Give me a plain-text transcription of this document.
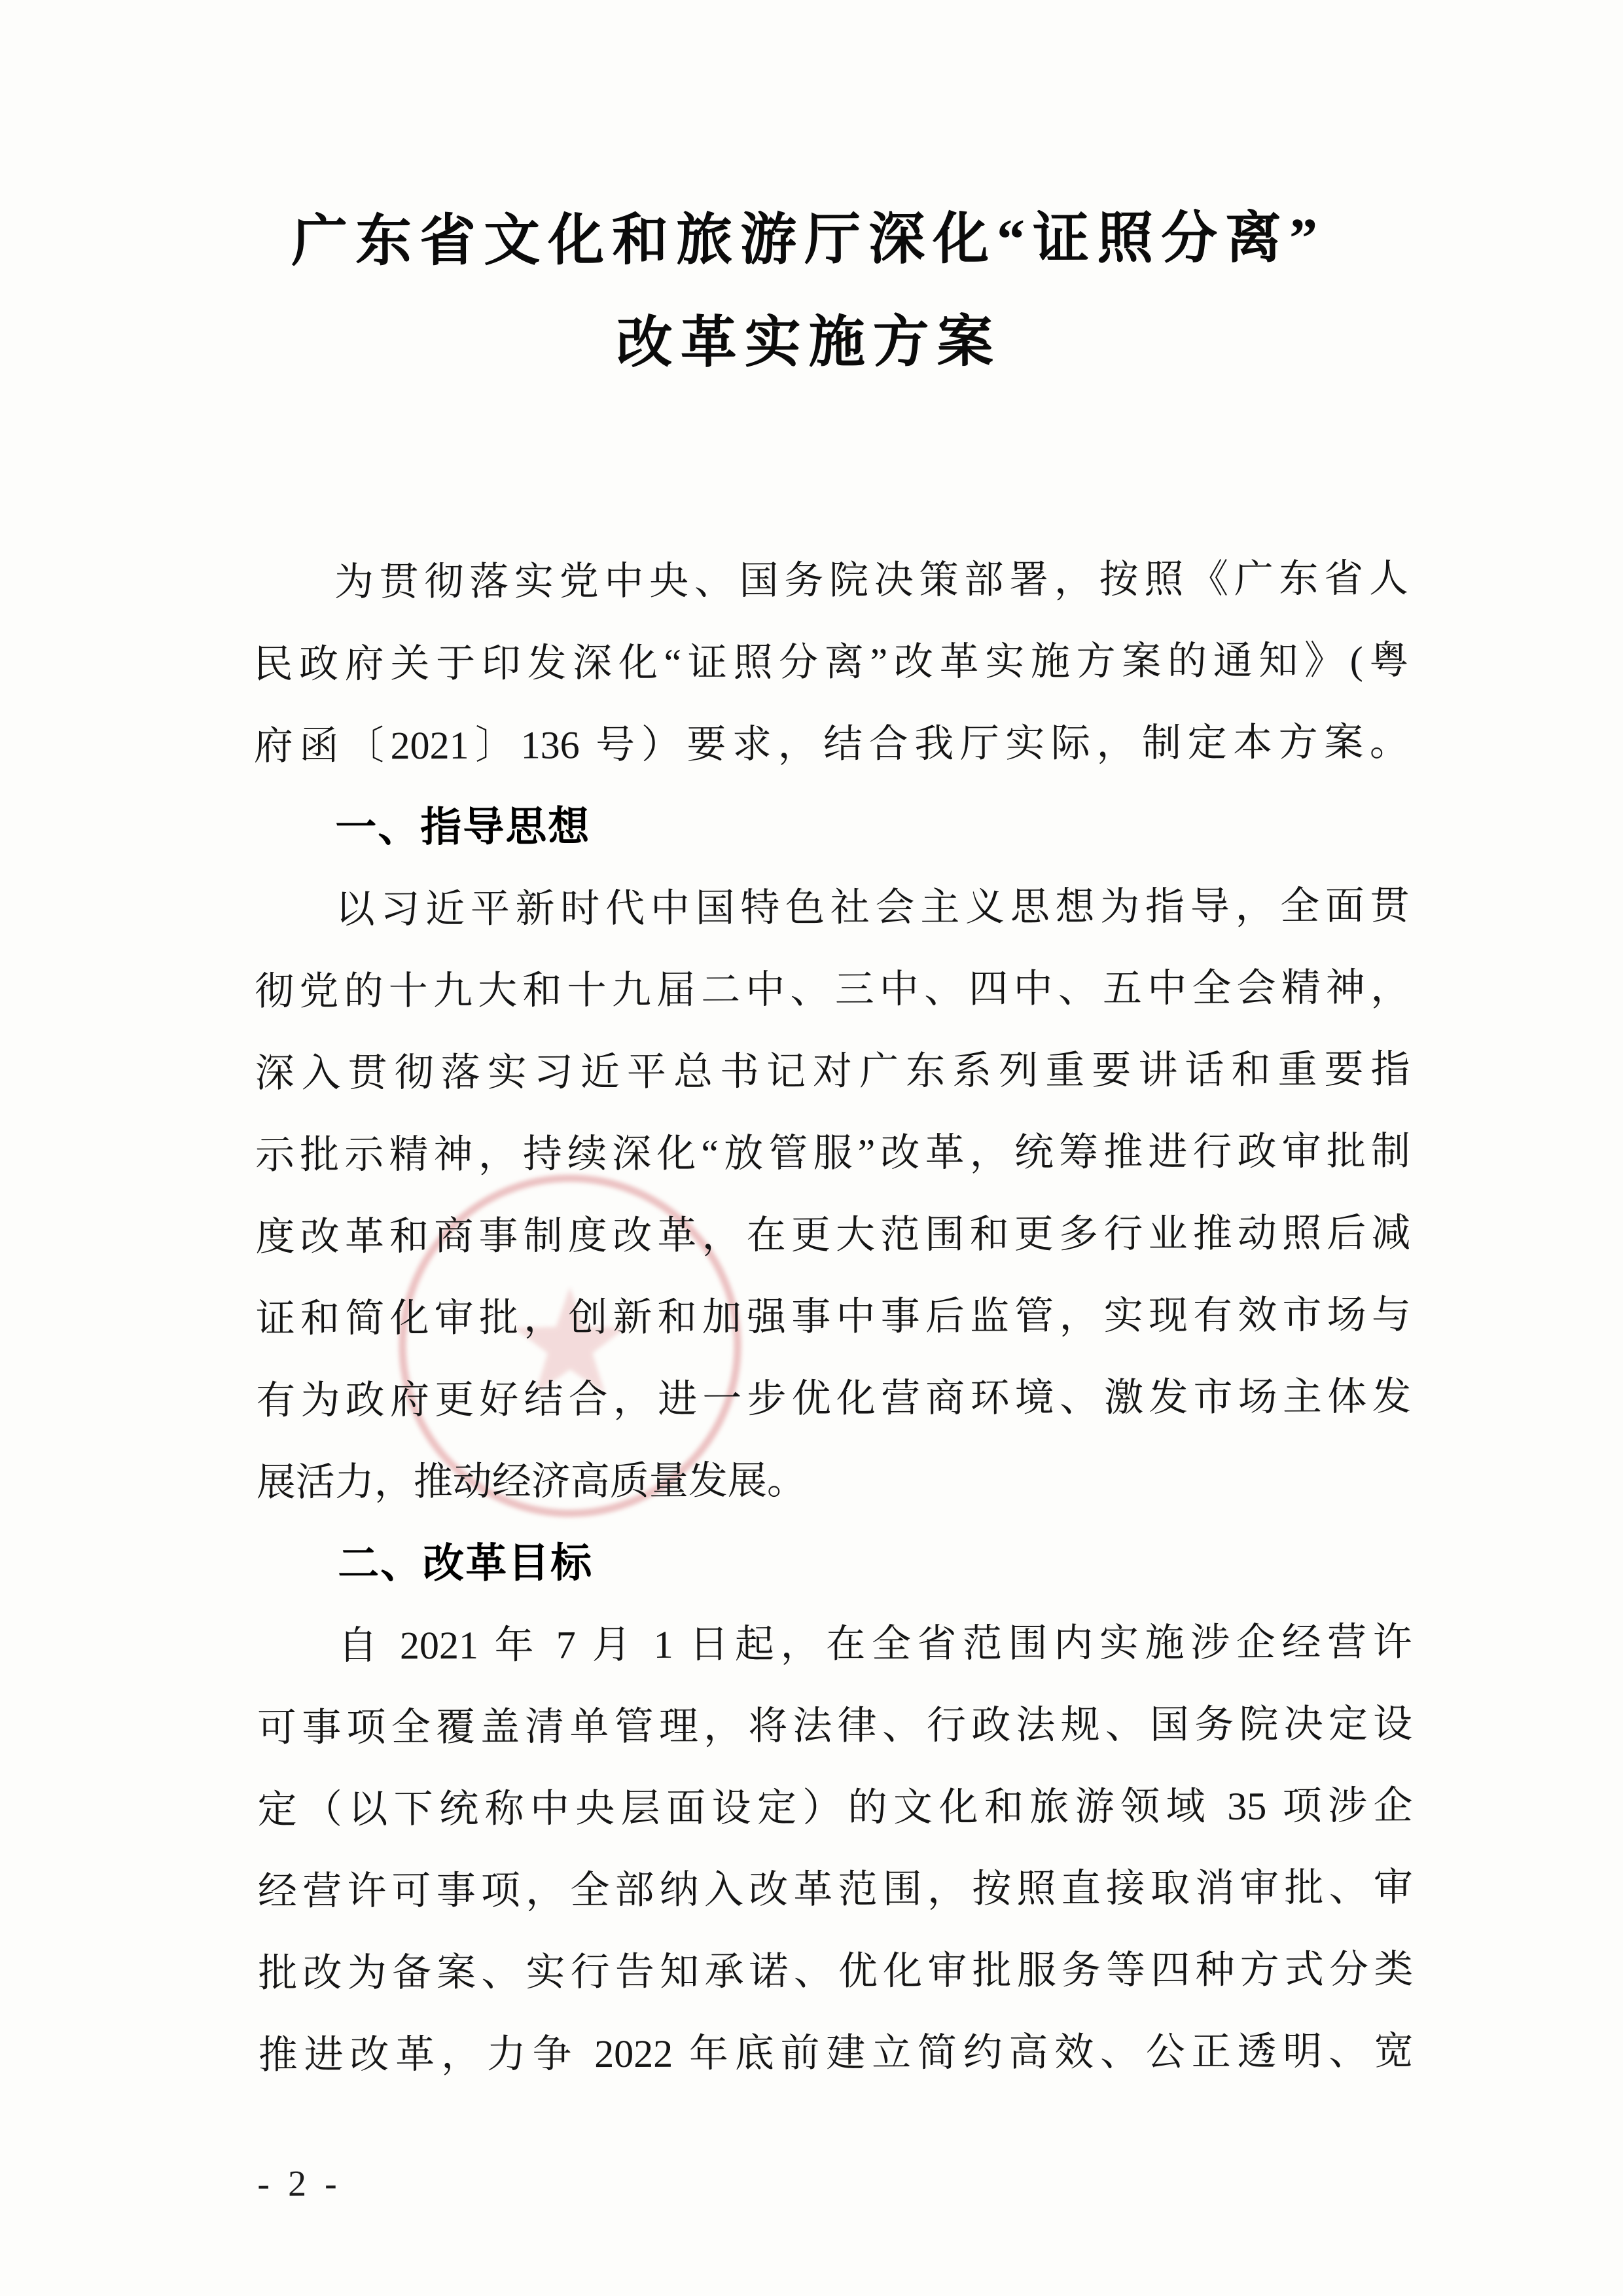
广东省文化和旅游厅深化“证照分离”
改革实施方案
为贯彻落实党中央、国务院决策部署，按照《广东省人
民政府关于印发深化“证照分离”改革实施方案的通知》(粤
府函〔2021〕136 号）要求，结合我厅实际，制定本方案。
一、指导思想
以习近平新时代中国特色社会主义思想为指导，全面贯
彻党的十九大和十九届二中、三中、四中、五中全会精神，
深入贯彻落实习近平总书记对广东系列重要讲话和重要指
示批示精神，持续深化“放管服”改革，统筹推进行政审批制
度改革和商事制度改革，在更大范围和更多行业推动照后减
证和简化审批，创新和加强事中事后监管，实现有效市场与
有为政府更好结合，进一步优化营商环境、激发市场主体发
展活力，推动经济高质量发展。
二、改革目标
自 2021 年 7 月 1 日起，在全省范围内实施涉企经营许
可事项全覆盖清单管理，将法律、行政法规、国务院决定设
定（以下统称中央层面设定）的文化和旅游领域 35 项涉企
经营许可事项，全部纳入改革范围，按照直接取消审批、审
批改为备案、实行告知承诺、优化审批服务等四种方式分类
推进改革，力争 2022 年底前建立简约高效、公正透明、宽
- 2 -
